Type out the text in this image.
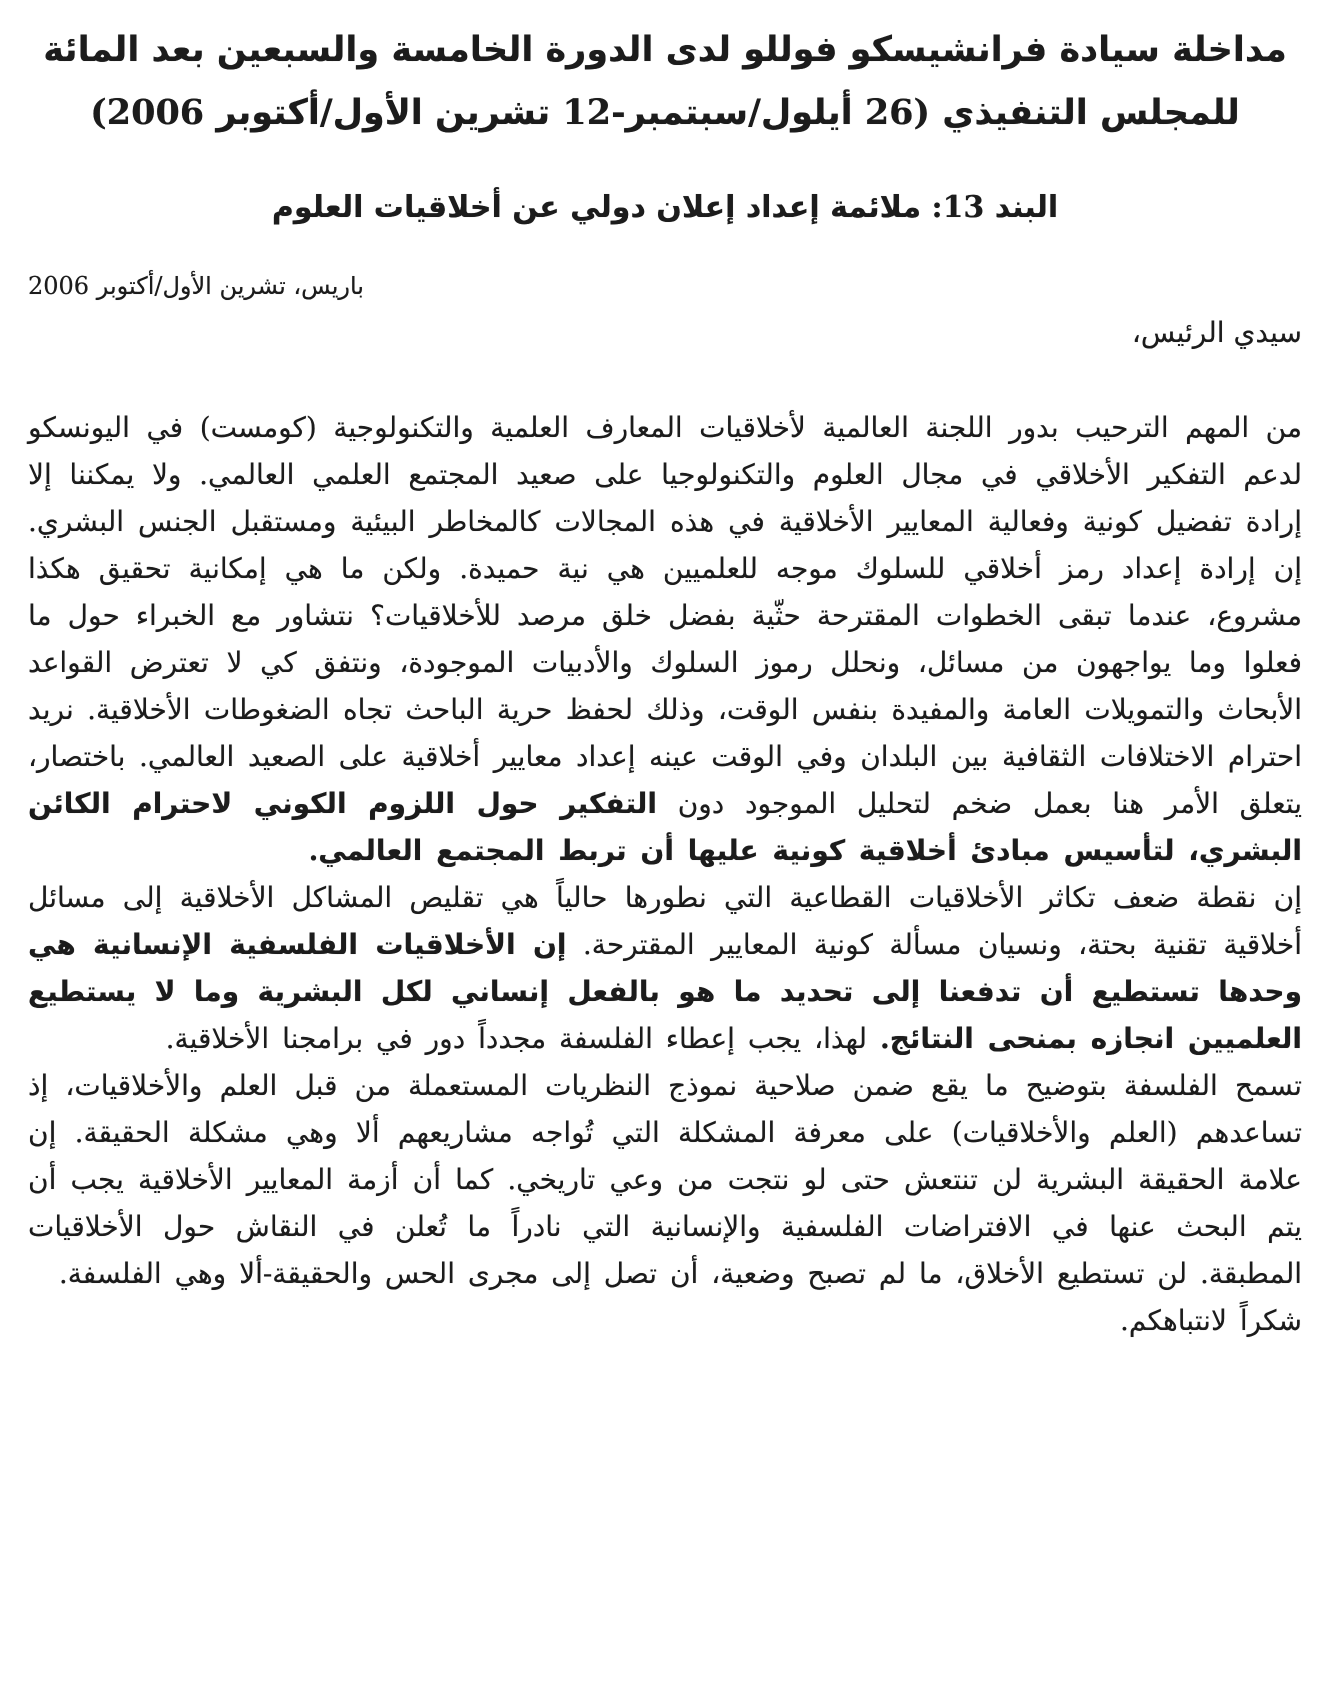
مداخلة سيادة فرانشيسكو فوللو لدى الدورة الخامسة والسبعين بعد المائة
للمجلس التنفيذي (26 أيلول/سبتمبر-12 تشرين الأول/أكتوبر 2006)
البند 13: ملائمة إعداد إعلان دولي عن أخلاقيات العلوم
باريس، تشرين الأول/أكتوبر 2006
سيدي الرئيس،

من المهم الترحيب بدور اللجنة العالمية لأخلاقيات المعارف العلمية والتكنولوجية (كومست) في اليونسكو لدعم التفكير الأخلاقي في مجال العلوم والتكنولوجيا على صعيد المجتمع العلمي العالمي. ولا يمكننا إلا إرادة تفضيل كونية وفعالية المعايير الأخلاقية في هذه المجالات كالمخاطر البيئية ومستقبل الجنس البشري. إن إرادة إعداد رمز أخلاقي للسلوك موجه للعلميين هي نية حميدة. ولكن ما هي إمكانية تحقيق هكذا مشروع، عندما تبقى الخطوات المقترحة حثّية بفضل خلق مرصد للأخلاقيات؟ نتشاور مع الخبراء حول ما فعلوا وما يواجهون من مسائل، ونحلل رموز السلوك والأدبيات الموجودة، ونتفق كي لا تعترض القواعد الأبحاث والتمويلات العامة والمفيدة بنفس الوقت، وذلك لحفظ حرية الباحث تجاه الضغوطات الأخلاقية. نريد احترام الاختلافات الثقافية بين البلدان وفي الوقت عينه إعداد معايير أخلاقية على الصعيد العالمي. باختصار، يتعلق الأمر هنا بعمل ضخم لتحليل الموجود دون التفكير حول اللزوم الكوني لاحترام الكائن البشري، لتأسيس مبادئ أخلاقية كونية عليها أن تربط المجتمع العالمي.

إن نقطة ضعف تكاثر الأخلاقيات القطاعية التي نطورها حالياً هي تقليص المشاكل الأخلاقية إلى مسائل أخلاقية تقنية بحتة، ونسيان مسألة كونية المعايير المقترحة. إن الأخلاقيات الفلسفية الإنسانية هي وحدها تستطيع أن تدفعنا إلى تحديد ما هو بالفعل إنساني لكل البشرية وما لا يستطيع العلميين انجازه بمنحى النتائج. لهذا، يجب إعطاء الفلسفة مجدداً دور في برامجنا الأخلاقية.

تسمح الفلسفة بتوضيح ما يقع ضمن صلاحية نموذج النظريات المستعملة من قبل العلم والأخلاقيات، إذ تساعدهم (العلم والأخلاقيات) على معرفة المشكلة التي تُواجه مشاريعهم ألا وهي مشكلة الحقيقة. إن علامة الحقيقة البشرية لن تنتعش حتى لو نتجت من وعي تاريخي. كما أن أزمة المعايير الأخلاقية يجب أن يتم البحث عنها في الافتراضات الفلسفية والإنسانية التي نادراً ما تُعلن في النقاش حول الأخلاقيات المطبقة. لن تستطيع الأخلاق، ما لم تصبح وضعية، أن تصل إلى مجرى الحس والحقيقة-ألا وهي الفلسفة.

شكراً لانتباهكم.
